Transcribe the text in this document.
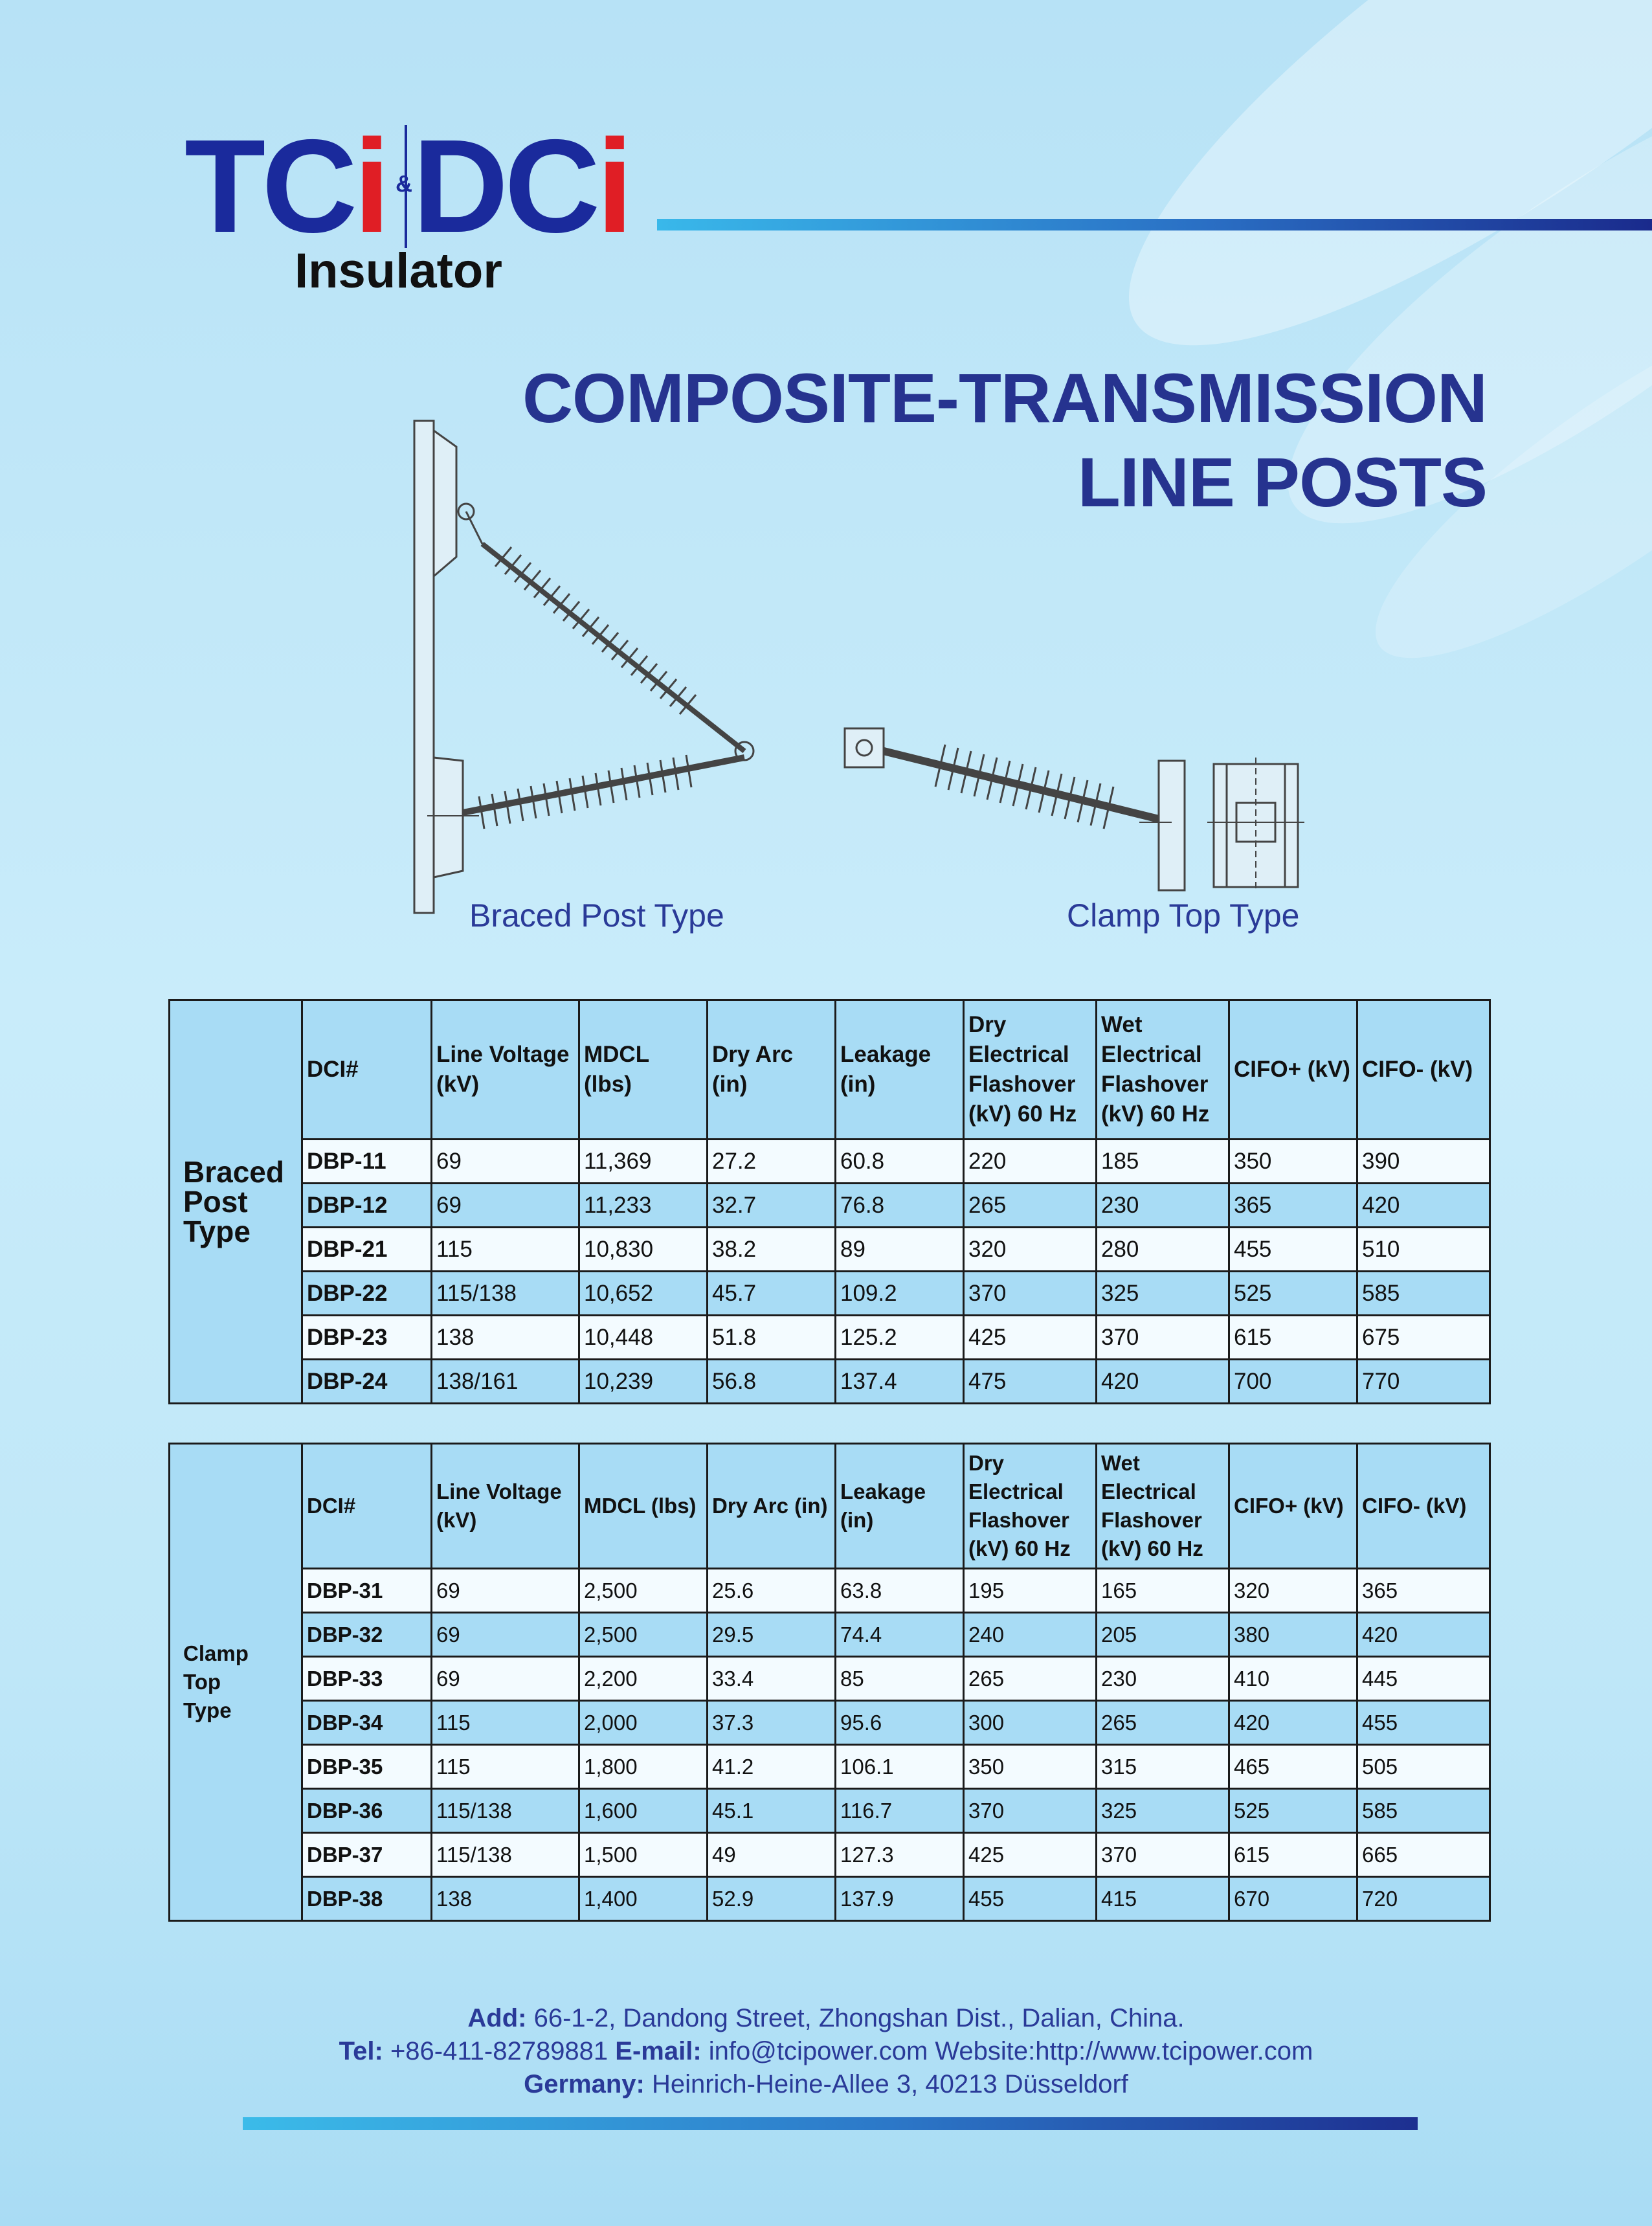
TCi DCi
&
Insulator
COMPOSITE-TRANSMISSION
LINE POSTS
Braced Post Type	Clamp Top Type
Braced
Post
Type	DCI#	Line Voltage (kV)	MDCL (lbs)	Dry Arc (in)	Leakage (in)	Dry Electrical Flashover (kV) 60 Hz	Wet Electrical Flashover (kV) 60 Hz	CIFO+ (kV)	CIFO- (kV)
	DBP-11	69	11,369	27.2	60.8	220	185	350	390
	DBP-12	69	11,233	32.7	76.8	265	230	365	420
	DBP-21	115	10,830	38.2	89	320	280	455	510
	DBP-22	115/138	10,652	45.7	109.2	370	325	525	585
	DBP-23	138	10,448	51.8	125.2	425	370	615	675
	DBP-24	138/161	10,239	56.8	137.4	475	420	700	770
Clamp
Top
Type	DCI#	Line Voltage (kV)	MDCL (lbs)	Dry Arc (in)	Leakage (in)	Dry Electrical Flashover (kV) 60 Hz	Wet Electrical Flashover (kV) 60 Hz	CIFO+ (kV)	CIFO- (kV)
	DBP-31	69	2,500	25.6	63.8	195	165	320	365
	DBP-32	69	2,500	29.5	74.4	240	205	380	420
	DBP-33	69	2,200	33.4	85	265	230	410	445
	DBP-34	115	2,000	37.3	95.6	300	265	420	455
	DBP-35	115	1,800	41.2	106.1	350	315	465	505
	DBP-36	115/138	1,600	45.1	116.7	370	325	525	585
	DBP-37	115/138	1,500	49	127.3	425	370	615	665
	DBP-38	138	1,400	52.9	137.9	455	415	670	720
Add: 66-1-2, Dandong Street, Zhongshan Dist., Dalian, China.
Tel: +86-411-82789881 E-mail: info@tcipower.com Website:http://www.tcipower.com
Germany: Heinrich-Heine-Allee 3, 40213 Düsseldorf
